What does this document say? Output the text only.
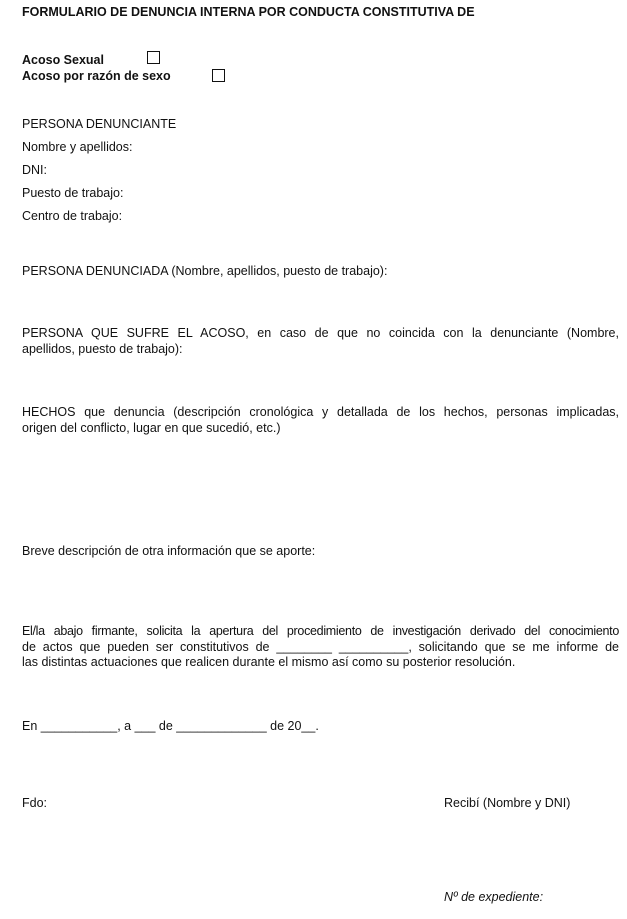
FORMULARIO DE DENUNCIA INTERNA POR CONDUCTA CONSTITUTIVA DE
Acoso Sexual
Acoso por razón de sexo
PERSONA DENUNCIANTE
Nombre y apellidos:
DNI:
Puesto de trabajo:
Centro de trabajo:
PERSONA DENUNCIADA (Nombre, apellidos, puesto de trabajo):
PERSONA QUE SUFRE EL ACOSO, en caso de que no coincida con la denunciante (Nombre,
apellidos, puesto de trabajo):
HECHOS que denuncia (descripción cronológica y detallada de los hechos, personas implicadas,
origen del conflicto, lugar en que sucedió, etc.)
Breve descripción de otra información que se aporte:
El/la abajo firmante, solicita la apertura del procedimiento de investigación derivado del conocimiento
de actos que pueden ser constitutivos de ________ __________, solicitando que se me informe de
las distintas actuaciones que realicen durante el mismo así como su posterior resolución.
En ___________, a ___ de _____________ de 20__.
Fdo:	Recibí (Nombre y DNI)
Nº de expediente:
